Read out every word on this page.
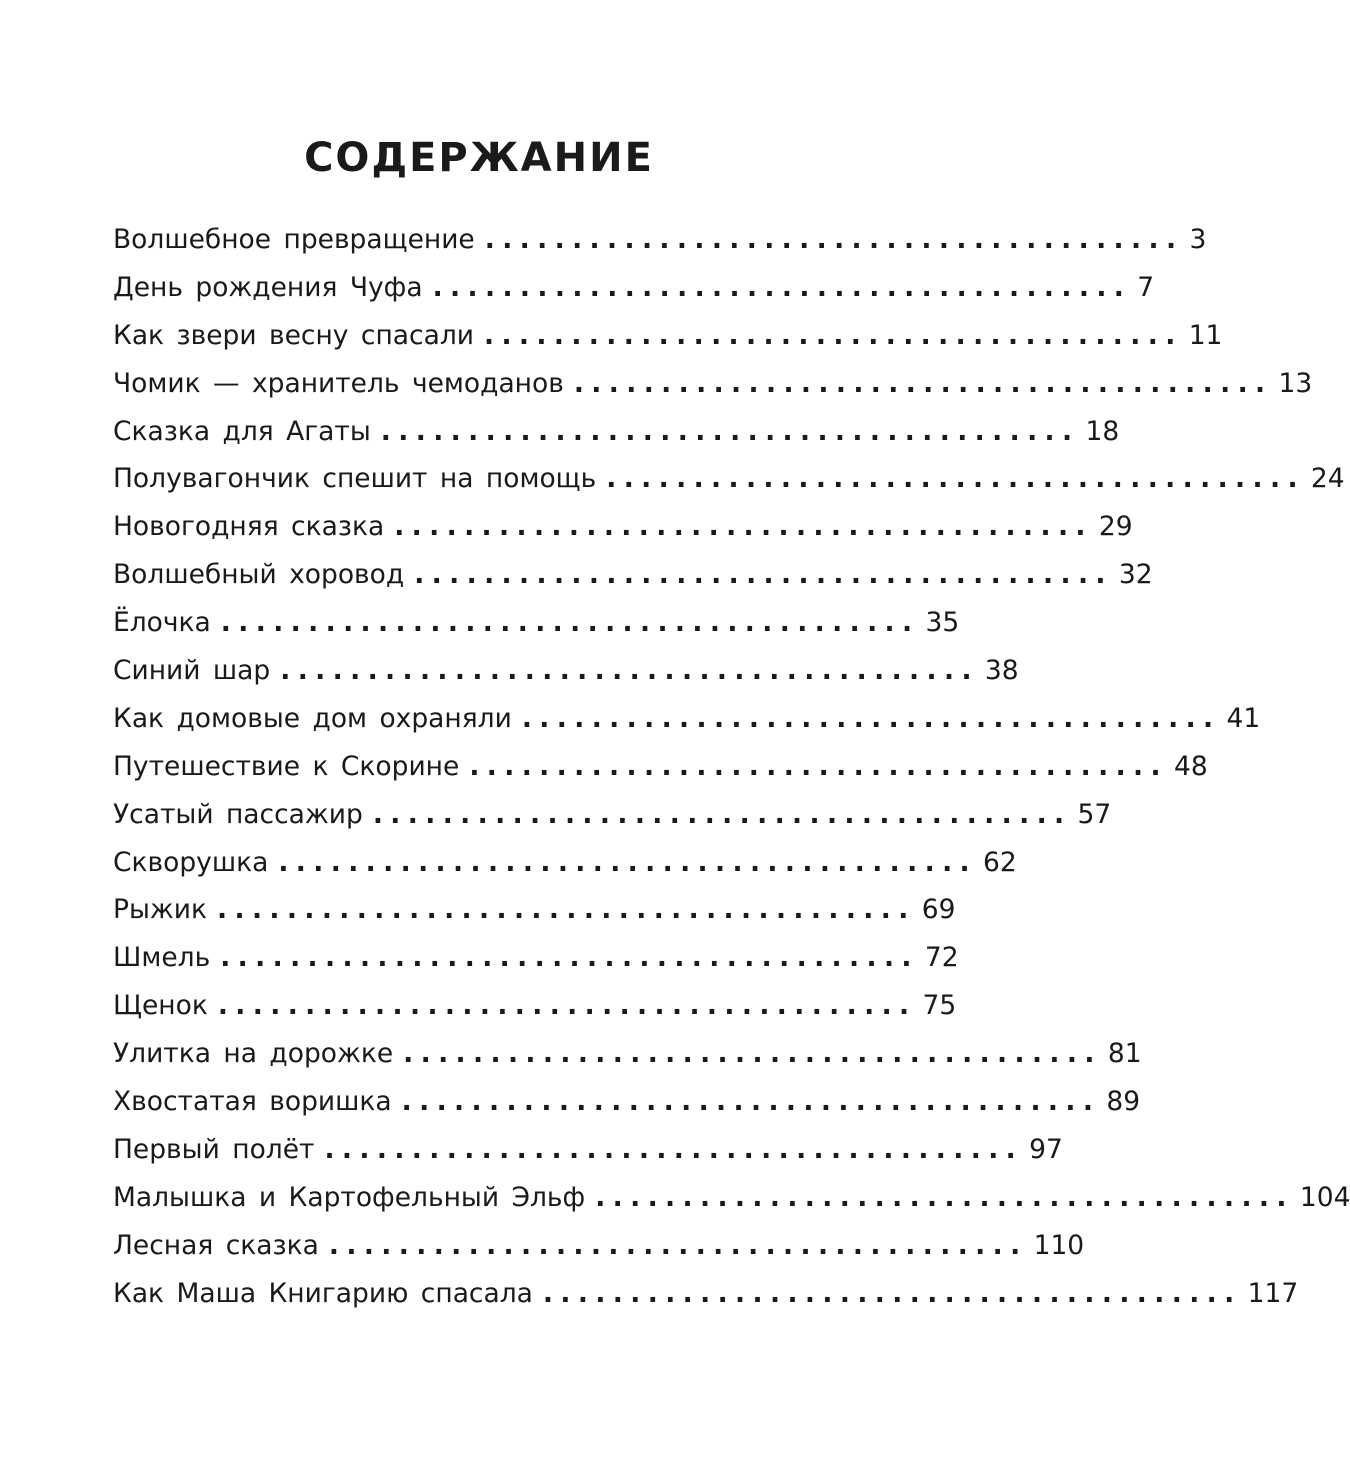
СОДЕРЖАНИЕ
Волшебное превращение ........................................ 3
День рождения Чуфа ........................................ 7
Как звери весну спасали ........................................ 11
Чомик — хранитель чемоданов ........................................ 13
Сказка для Агаты ........................................ 18
Полувагончик спешит на помощь ........................................ 24
Новогодняя сказка ........................................ 29
Волшебный хоровод ........................................ 32
Ёлочка ........................................ 35
Синий шар ........................................ 38
Как домовые дом охраняли ........................................ 41
Путешествие к Скорине ........................................ 48
Усатый пассажир ........................................ 57
Скворушка ........................................ 62
Рыжик ........................................ 69
Шмель ........................................ 72
Щенок ........................................ 75
Улитка на дорожке ........................................ 81
Хвостатая воришка ........................................ 89
Первый полёт ........................................ 97
Малышка и Картофельный Эльф ........................................ 104
Лесная сказка ........................................ 110
Как Маша Книгарию спасала ........................................ 117
